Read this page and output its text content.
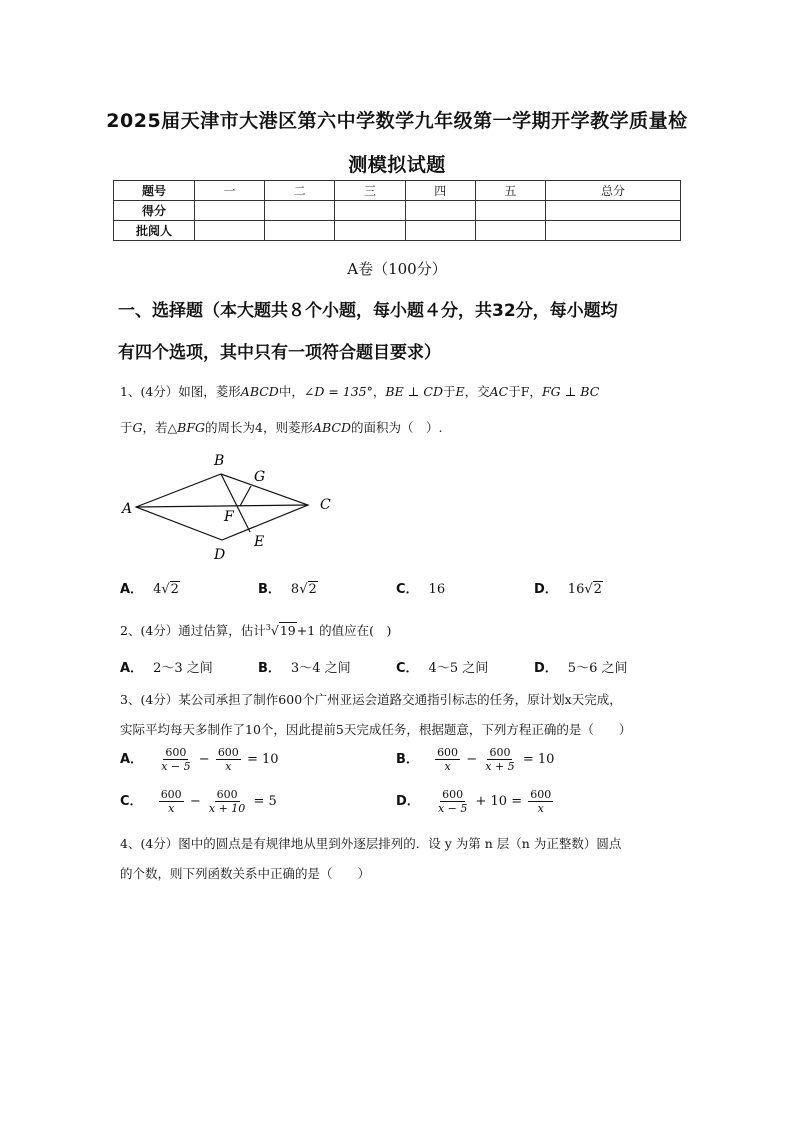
2025届天津市大港区第六中学数学九年级第一学期开学教学质量检
测模拟试题
题号	一	二	三	四	五	总分
得分						
批阅人						
A卷（100分）
一、选择题（本大题共８个小题，每小题４分，共32分，每小题均
有四个选项，其中只有一项符合题目要求）
1、(4分）如图，菱形ABCD中，∠D = 135°，BE ⊥ CD于E，交AC于F，FG ⊥ BC
于G，若△BFG的周长为4，则菱形ABCD的面积为（　）.
A
B
C
D
E
F
G
A． 4√2	B． 8√2	C． 16	D． 16√2
2、(4分）通过估算，估计$^3$√19+1 的值应在(　)
A． 2～3 之间	B． 3～4 之间	C． 4～5 之间	D． 5～6 之间
3、(4分）某公司承担了制作600个广州亚运会道路交通指引标志的任务，原计划x天完成，
实际平均每天多制作了10个，因此提前5天完成任务，根据题意，下列方程正确的是（　　）
A． $\frac{600}{x - 5} - \frac{600}{x} = 10$	B． $\frac{600}{x} - \frac{600}{x + 5} = 10$
C． $\frac{600}{x} - \frac{600}{x + 10} = 5$	D． $\frac{600}{x - 5} + 10 = \frac{600}{x}$
4、(4分）图中的圆点是有规律地从里到外逐层排列的．设 y 为第 n 层（n 为正整数）圆点
的个数，则下列函数关系中正确的是（　　）
